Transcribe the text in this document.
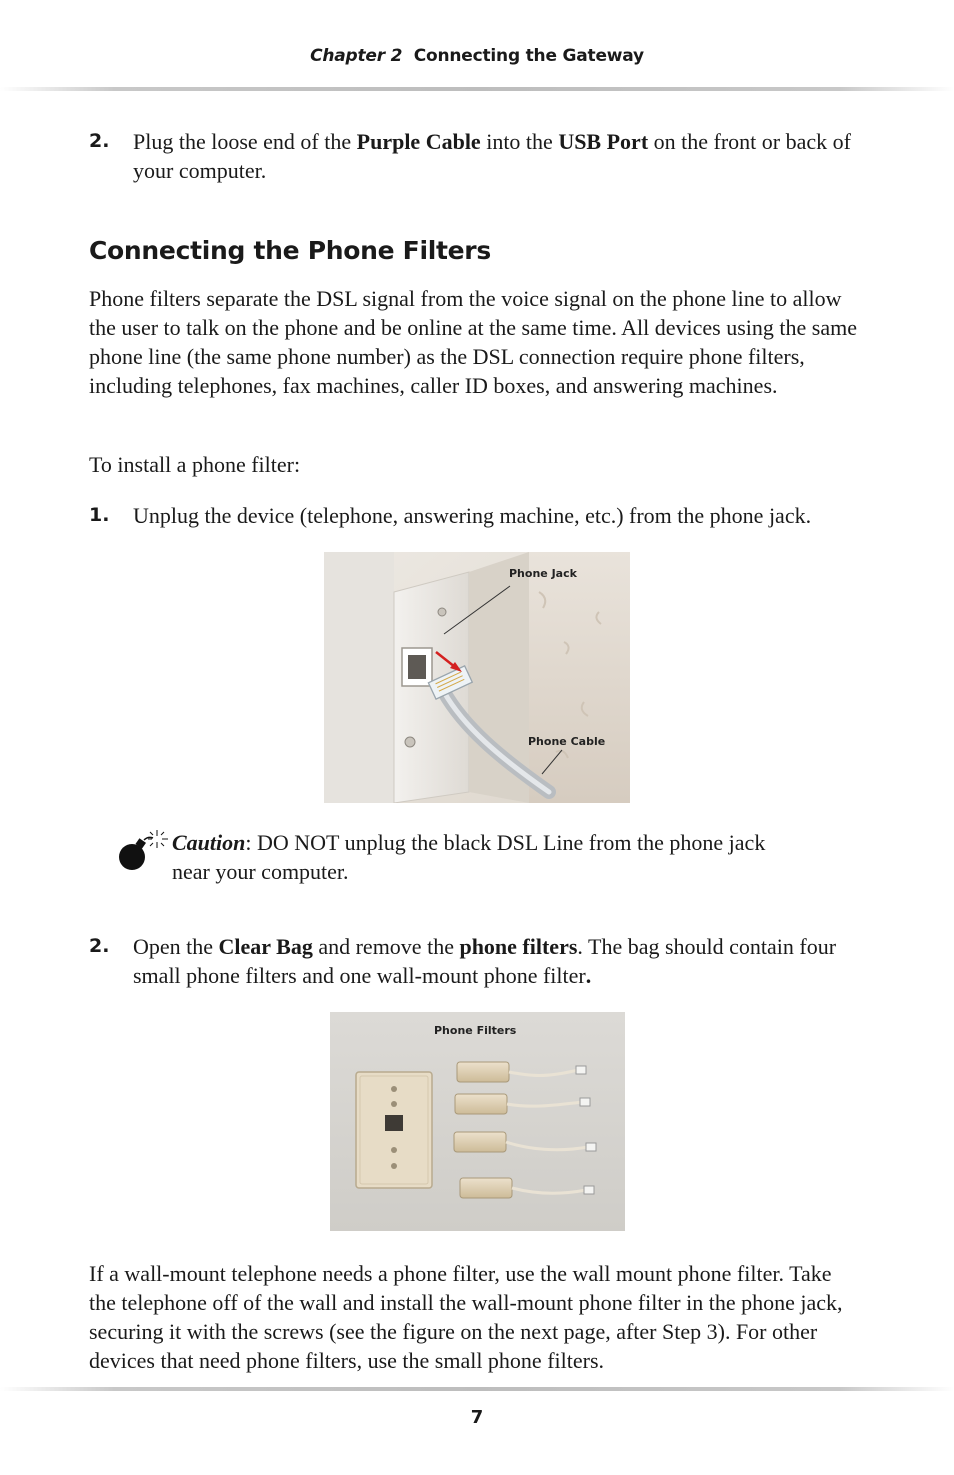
Chapter 2 Connecting the Gateway
2. Plug the loose end of the Purple Cable into the USB Port on the front or back of your computer.
Connecting the Phone Filters
Phone filters separate the DSL signal from the voice signal on the phone line to allow the user to talk on the phone and be online at the same time. All devices using the same phone line (the same phone number) as the DSL connection require phone filters, including telephones, fax machines, caller ID boxes, and answering machines.
To install a phone filter:
1. Unplug the device (telephone, answering machine, etc.) from the phone jack.
Phone Jack
Phone Cable
Caution: DO NOT unplug the black DSL Line from the phone jack near your computer.
2. Open the Clear Bag and remove the phone filters. The bag should contain four small phone filters and one wall-mount phone filter.
Phone Filters
If a wall-mount telephone needs a phone filter, use the wall mount phone filter. Take the telephone off of the wall and install the wall-mount phone filter in the phone jack, securing it with the screws (see the figure on the next page, after Step 3). For other devices that need phone filters, use the small phone filters.
7
